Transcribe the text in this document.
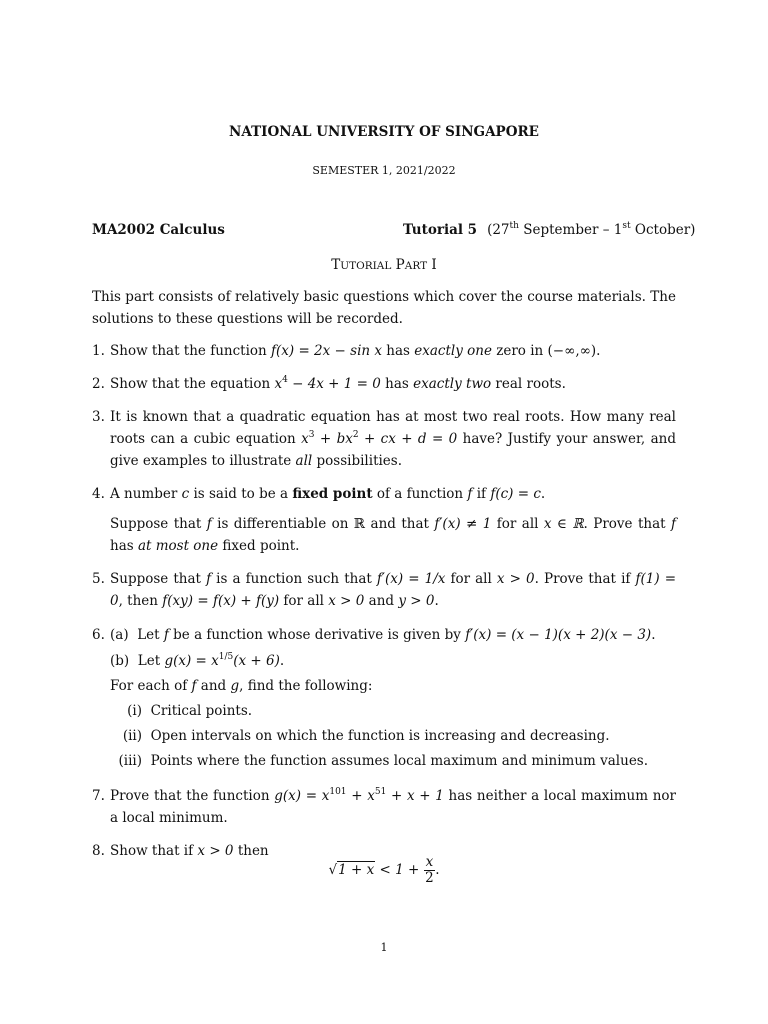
NATIONAL UNIVERSITY OF SINGAPORE
SEMESTER 1, 2021/2022
MA2002 Calculus	Tutorial 5 (27th September – 1st October)
TUTORIAL PART I
This part consists of relatively basic questions which cover the course materials. The solutions to these questions will be recorded.
1. Show that the function f(x) = 2x − sin x has exactly one zero in (−∞,∞).
2. Show that the equation $x^4 - 4x + 1 = 0$ has exactly two real roots.
3. It is known that a quadratic equation has at most two real roots. How many real roots can a cubic equation $x^3 + bx^2$ + cx + d = 0 have? Justify your answer, and give examples to illustrate all possibilities.
4. A number c is said to be a fixed point of a function f if f(c) = c.
Suppose that f is differentiable on ℝ and that f′(x) ≠ 1 for all x ∈ ℝ. Prove that f has at most one fixed point.
5. Suppose that f is a function such that f′(x) = 1/x for all x > 0. Prove that if f(1) = 0, then f(xy) = f(x) + f(y) for all x > 0 and y > 0.
6. (a) Let f be a function whose derivative is given by f′(x) = (x − 1)(x + 2)(x − 3).
(b) Let $g(x) = x^{1/5}(x + 6)$.
For each of f and g, find the following:
(i) Critical points.
(ii) Open intervals on which the function is increasing and decreasing.
(iii) Points where the function assumes local maximum and minimum values.
7. Prove that the function $g(x) = x^{101} + x^{51} + x + 1$ has neither a local maximum nor a local minimum.
8. Show that if x > 0 then
$√1 + x < 1 + \frac{x}{2}$ .
1
